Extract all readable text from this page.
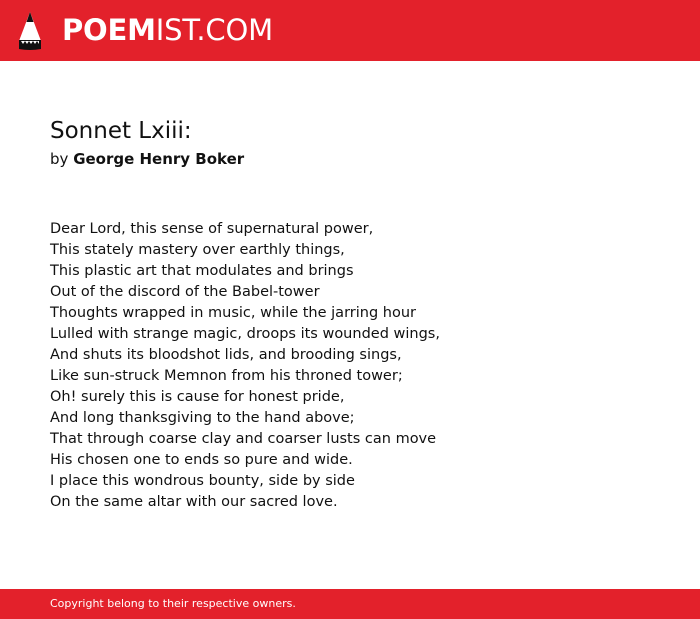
POEMIST.COM
Sonnet Lxiii:
by George Henry Boker
Dear Lord, this sense of supernatural power,
This stately mastery over earthly things,
This plastic art that modulates and brings
Out of the discord of the Babel-tower
Thoughts wrapped in music, while the jarring hour
Lulled with strange magic, droops its wounded wings,
And shuts its bloodshot lids, and brooding sings,
Like sun-struck Memnon from his throned tower;
Oh! surely this is cause for honest pride,
And long thanksgiving to the hand above;
That through coarse clay and coarser lusts can move
His chosen one to ends so pure and wide.
I place this wondrous bounty, side by side
On the same altar with our sacred love.
Copyright belong to their respective owners.
